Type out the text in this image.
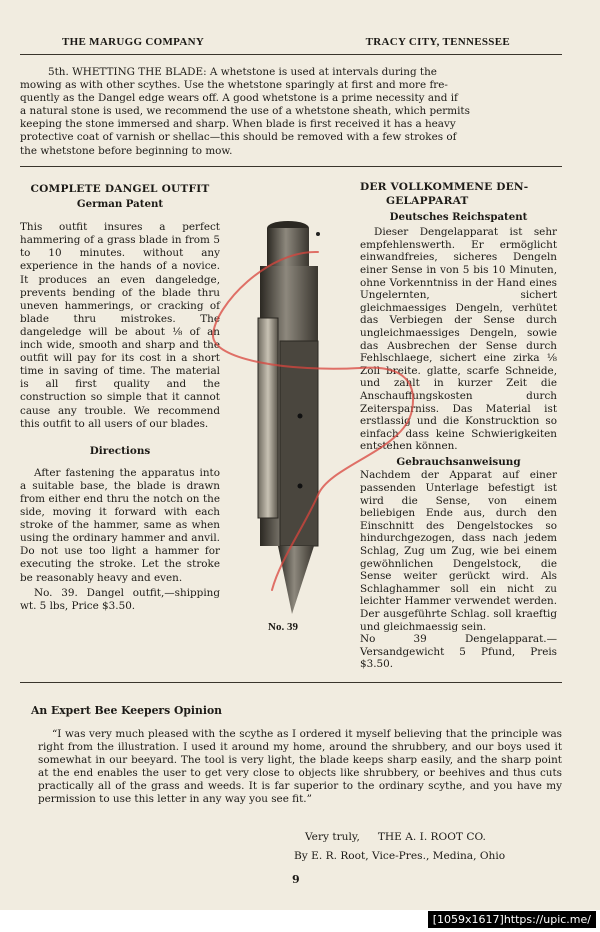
THE MARUGG COMPANY	TRACY CITY, TENNESSEE
5th. WHETTING THE BLADE: A whetstone is used at intervals during the
mowing as with other scythes. Use the whetstone sparingly at first and more fre-
quently as the Dangel edge wears off. A good whetstone is a prime necessity and if
a natural stone is used, we recommend the use of a whetstone sheath, which permits
keeping the stone immersed and sharp. When blade is first received it has a heavy
protective coat of varnish or shellac—this should be removed with a few strokes of
the whetstone before beginning to mow.
COMPLETE DANGEL OUTFIT
German Patent

This outfit insures a perfect hammering of a grass blade in from 5 to 10 minutes. without any experience in the hands of a novice. It produces an even dangeledge, prevents bending of the blade thru uneven hammerings, or cracking of blade thru mistrokes. The dangeledge will be about ⅛ of an inch wide, smooth and sharp and the outfit will pay for its cost in a short time in saving of time. The material is all first quality and the construction so simple that it cannot cause any trouble. We recommend this outfit to all users of our blades.

Directions

After fastening the apparatus into a suitable base, the blade is drawn from either end thru the notch on the side, moving it forward with each stroke of the hammer, same as when using the ordinary hammer and anvil. Do not use too light a hammer for executing the stroke. Let the stroke be reasonably heavy and even.

No. 39. Dangel outfit,—shipping wt. 5 lbs, Price $3.50.

No. 39
DER VOLLKOMMENE DEN-
GELAPPARAT
Deutsches Reichspatent

Dieser Dengelapparat ist sehr empfehlenswerth. Er ermöglicht einwandfreies, sicheres Dengeln einer Sense in von 5 bis 10 Minuten, ohne Vorkenntniss in der Hand eines Ungelernten, sichert gleichmaessiges Dengeln, verhütet das Verbiegen der Sense durch ungleichmaessiges Dengeln, sowie das Ausbrechen der Sense durch Fehlschlaege, sichert eine zirka ⅛ Zoll breite. glatte, scarfe Schneide, und zahlt in kurzer Zeit die Anschauffungskosten durch Zeitersparniss. Das Material ist erstlassig und die Konstrucktion so einfach dass keine Schwierigkeiten entstehen können.

Gebrauchsanweisung

Nachdem der Apparat auf einer passenden Unterlage befestigt ist wird die Sense, von einem beliebigen Ende aus, durch den Einschnitt des Dengelstockes so hindurchgezogen, dass nach jedem Schlag, Zug um Zug, wie bei einem gewöhnlichen Dengelstock, die Sense weiter gerückt wird. Als Schlaghammer soll ein nicht zu leichter Hammer verwendet werden. Der ausgeführte Schlag. soll kraeftig und gleichmaessig sein.

No 39 Dengelapparat.—Versandgewicht 5 Pfund, Preis $3.50.

An Expert Bee Keepers Opinion

“I was very much pleased with the scythe as I ordered it myself believing that the principle was right from the illustration. I used it around my home, around the shrubbery, and our boys used it somewhat in our beeyard. The tool is very light, the blade keeps sharp easily, and the sharp point at the end enables the user to get very close to objects like shrubbery, or beehives and thus cuts practically all of the grass and weeds. It is far superior to the ordinary scythe, and you have my permission to use this letter in any way you see fit.”

Very truly, THE A. I. ROOT CO.
By E. R. Root, Vice-Pres., Medina, Ohio
9
[1059x1617]https://upic.me/
